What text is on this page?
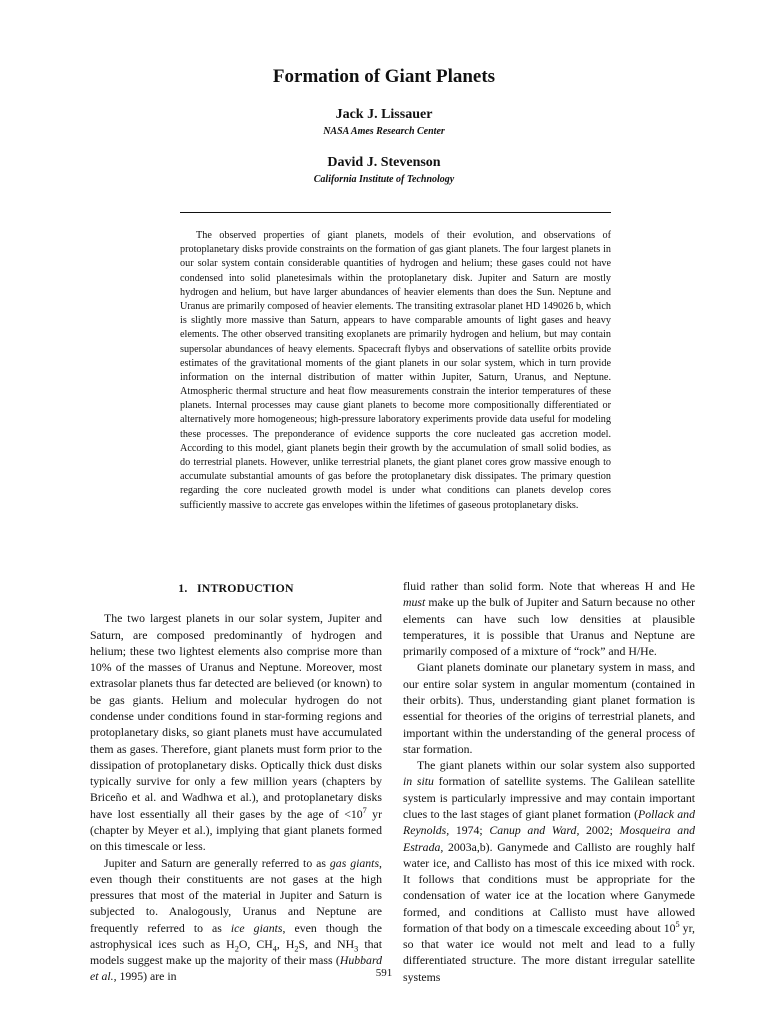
Formation of Giant Planets

Jack J. Lissauer

NASA Ames Research Center

David J. Stevenson

California Institute of Technology

The observed properties of giant planets, models of their evolution, and observations of protoplanetary disks provide constraints on the formation of gas giant planets. The four largest planets in our solar system contain considerable quantities of hydrogen and helium; these gases could not have condensed into solid planetesimals within the protoplanetary disk. Jupiter and Saturn are mostly hydrogen and helium, but have larger abundances of heavier elements than does the Sun. Neptune and Uranus are primarily composed of heavier elements. The transiting extrasolar planet HD 149026 b, which is slightly more massive than Saturn, appears to have comparable amounts of light gases and heavy elements. The other observed transiting exoplanets are primarily hydrogen and helium, but may contain supersolar abundances of heavy elements. Spacecraft flybys and observations of satellite orbits provide estimates of the gravitational moments of the giant planets in our solar system, which in turn provide information on the internal distribution of matter within Jupiter, Saturn, Uranus, and Neptune. Atmospheric thermal structure and heat flow measurements constrain the interior temperatures of these planets. Internal processes may cause giant planets to become more compositionally differentiated or alternatively more homogeneous; high-pressure laboratory experiments provide data useful for modeling these processes. The preponderance of evidence supports the core nucleated gas accretion model. According to this model, giant planets begin their growth by the accumulation of small solid bodies, as do terrestrial planets. However, unlike terrestrial planets, the giant planet cores grow massive enough to accumulate substantial amounts of gas before the protoplanetary disk dissipates. The primary question regarding the core nucleated growth model is under what conditions can planets develop cores sufficiently massive to accrete gas envelopes within the lifetimes of gaseous protoplanetary disks.

1. INTRODUCTION

The two largest planets in our solar system, Jupiter and Saturn, are composed predominantly of hydrogen and helium; these two lightest elements also comprise more than 10% of the masses of Uranus and Neptune. Moreover, most extrasolar planets thus far detected are believed (or known) to be gas giants. Helium and molecular hydrogen do not condense under conditions found in star-forming regions and protoplanetary disks, so giant planets must have accumulated them as gases. Therefore, giant planets must form prior to the dissipation of protoplanetary disks. Optically thick dust disks typically survive for only a few million years (chapters by Briceño et al. and Wadhwa et al.), and protoplanetary disks have lost essentially all their gases by the age of $<10^7$ yr (chapter by Meyer et al.), implying that giant planets formed on this timescale or less.

Jupiter and Saturn are generally referred to as gas giants, even though their constituents are not gases at the high pressures that most of the material in Jupiter and Saturn is subjected to. Analogously, Uranus and Neptune are frequently referred to as ice giants, even though the astrophysical ices such as $H_2O$, $CH_4$, $H_2S$, and $NH_3$ that models suggest make up the majority of their mass (Hubbard et al., 1995) are in

fluid rather than solid form. Note that whereas H and He must make up the bulk of Jupiter and Saturn because no other elements can have such low densities at plausible temperatures, it is possible that Uranus and Neptune are primarily composed of a mixture of “rock” and H/He.

Giant planets dominate our planetary system in mass, and our entire solar system in angular momentum (contained in their orbits). Thus, understanding giant planet formation is essential for theories of the origins of terrestrial planets, and important within the understanding of the general process of star formation.

The giant planets within our solar system also supported in situ formation of satellite systems. The Galilean satellite system is particularly impressive and may contain important clues to the last stages of giant planet formation (Pollack and Reynolds, 1974; Canup and Ward, 2002; Mosqueira and Estrada, 2003a,b). Ganymede and Callisto are roughly half water ice, and Callisto has most of this ice mixed with rock. It follows that conditions must be appropriate for the condensation of water ice at the location where Ganymede formed, and conditions at Callisto must have allowed formation of that body on a timescale exceeding about $10^5$ yr, so that water ice would not melt and lead to a fully differentiated structure. The more distant irregular satellite systems

591
